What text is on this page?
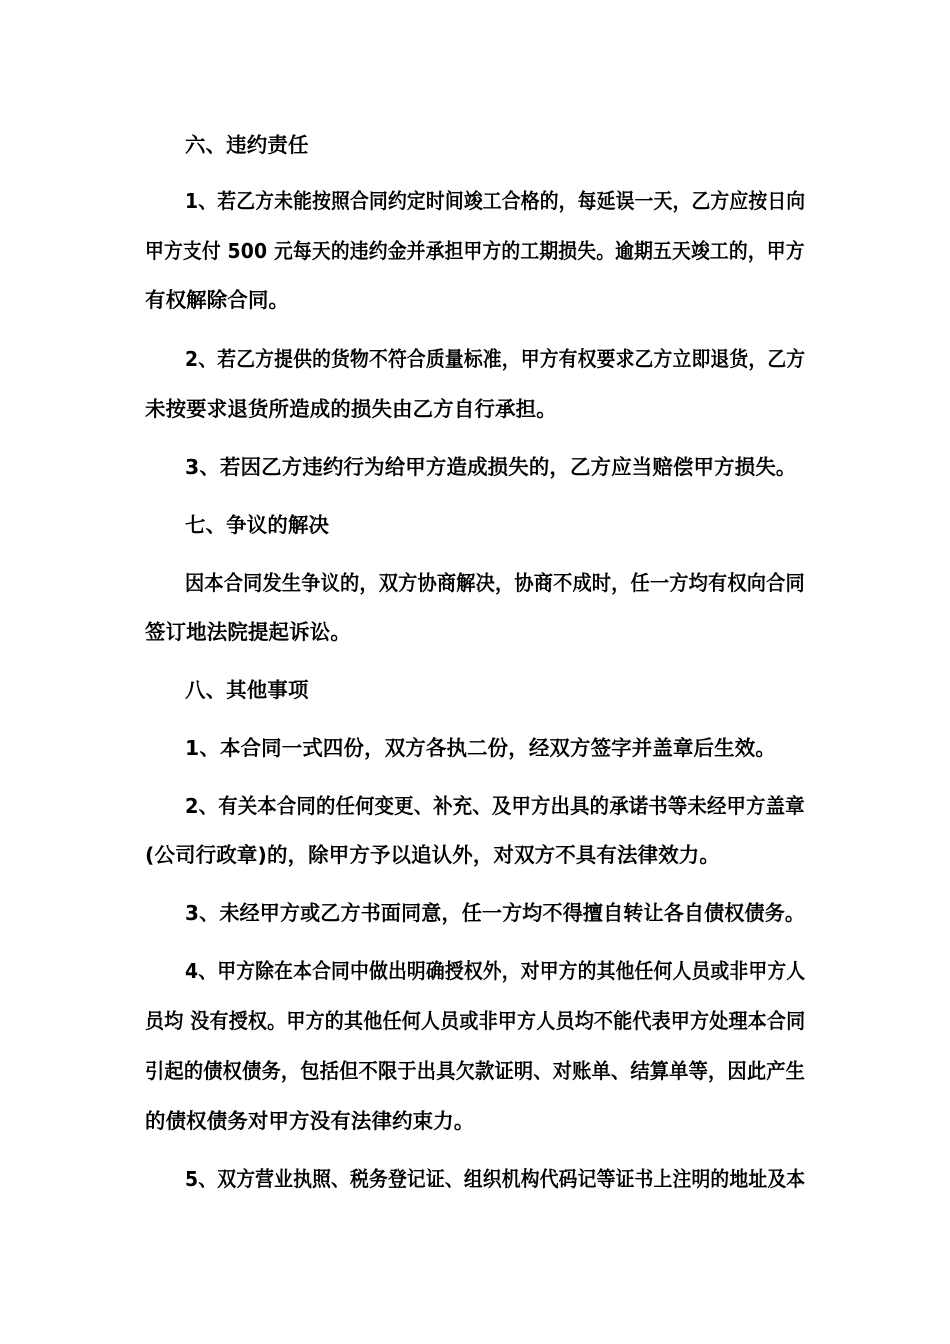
六、违约责任
1、若乙方未能按照合同约定时间竣工合格的，每延误一天，乙方应按日向
甲方支付 500 元每天的违约金并承担甲方的工期损失。逾期五天竣工的，甲方
有权解除合同。
2、若乙方提供的货物不符合质量标准，甲方有权要求乙方立即退货，乙方
未按要求退货所造成的损失由乙方自行承担。
3、若因乙方违约行为给甲方造成损失的，乙方应当赔偿甲方损失。
七、争议的解决
因本合同发生争议的，双方协商解决，协商不成时，任一方均有权向合同
签订地法院提起诉讼。
八、其他事项
1、本合同一式四份，双方各执二份，经双方签字并盖章后生效。
2、有关本合同的任何变更、补充、及甲方出具的承诺书等未经甲方盖章
(公司行政章)的，除甲方予以追认外，对双方不具有法律效力。
3、未经甲方或乙方书面同意，任一方均不得擅自转让各自债权债务。
4、甲方除在本合同中做出明确授权外，对甲方的其他任何人员或非甲方人
员均 没有授权。甲方的其他任何人员或非甲方人员均不能代表甲方处理本合同
引起的债权债务，包括但不限于出具欠款证明、对账单、结算单等，因此产生
的债权债务对甲方没有法律约束力。
5、双方营业执照、税务登记证、组织机构代码记等证书上注明的地址及本
